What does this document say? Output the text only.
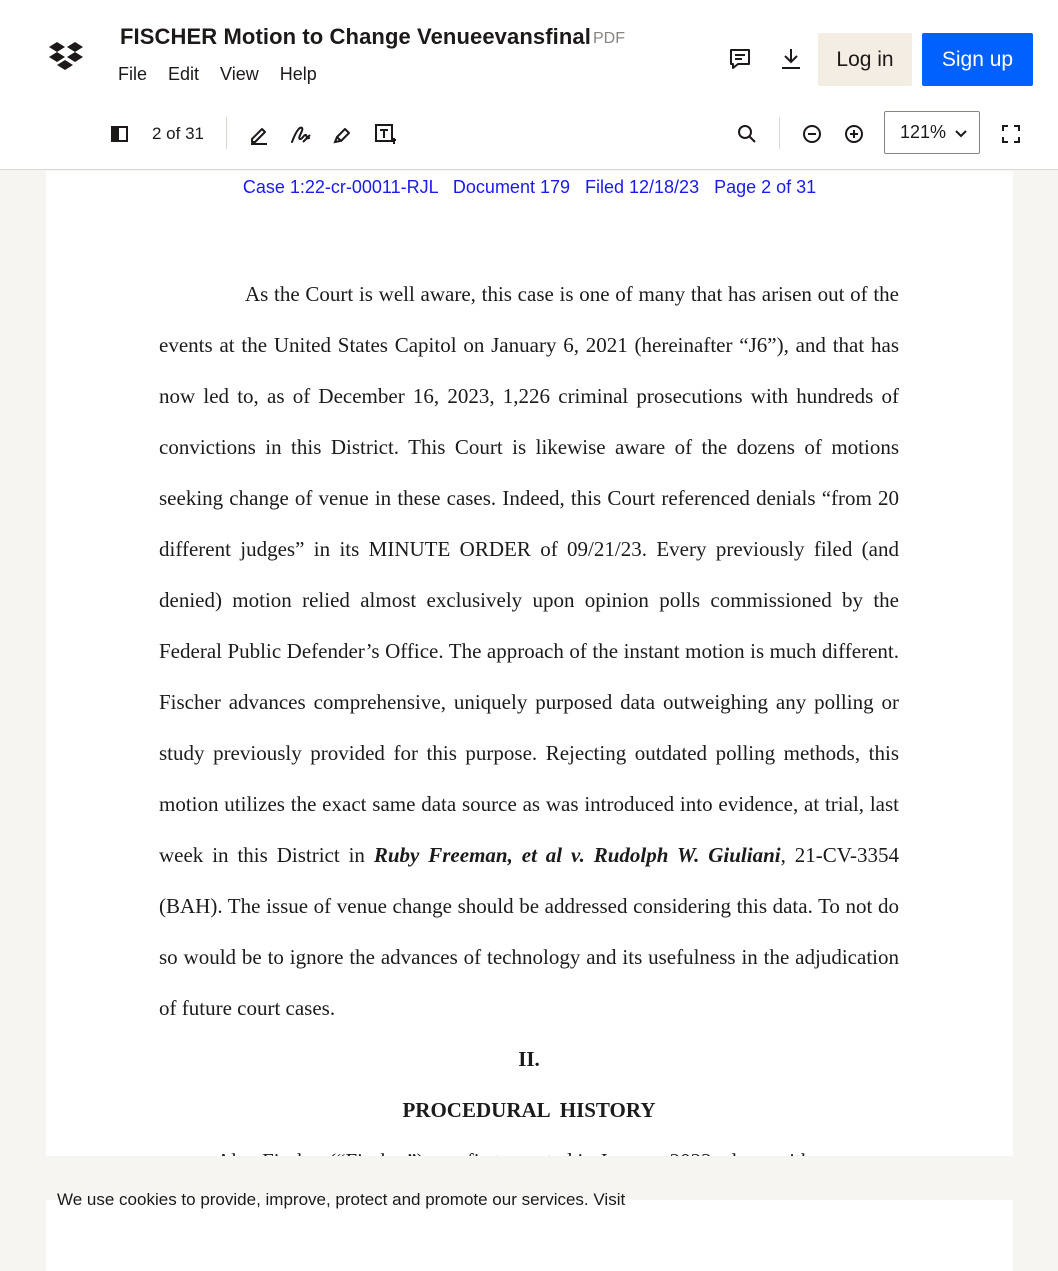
FISCHER Motion to Change Venueevansfinal PDF
File Edit View Help
Log in	Sign up
2 of 31	121%
Case 1:22-cr-00011-RJL   Document 179   Filed 12/18/23   Page 2 of 31

As the Court is well aware, this case is one of many that has arisen out of the events at the United States Capitol on January 6, 2021 (hereinafter “J6”), and that has now led to, as of December 16, 2023, 1,226 criminal prosecutions with hundreds of convictions in this District. This Court is likewise aware of the dozens of motions seeking change of venue in these cases. Indeed, this Court referenced denials “from 20 different judges” in its MINUTE ORDER of 09/21/23. Every previously filed (and denied) motion relied almost exclusively upon opinion polls commissioned by the Federal Public Defender’s Office. The approach of the instant motion is much different. Fischer advances comprehensive, uniquely purposed data outweighing any polling or study previously provided for this purpose. Rejecting outdated polling methods, this motion utilizes the exact same data source as was introduced into evidence, at trial, last week in this District in Ruby Freeman, et al v. Rudolph W. Giuliani, 21-CV-3354 (BAH). The issue of venue change should be addressed considering this data. To not do so would be to ignore the advances of technology and its usefulness in the adjudication of future court cases.

II.

PROCEDURAL HISTORY

We use cookies to provide, improve, protect and promote our services. Visit
